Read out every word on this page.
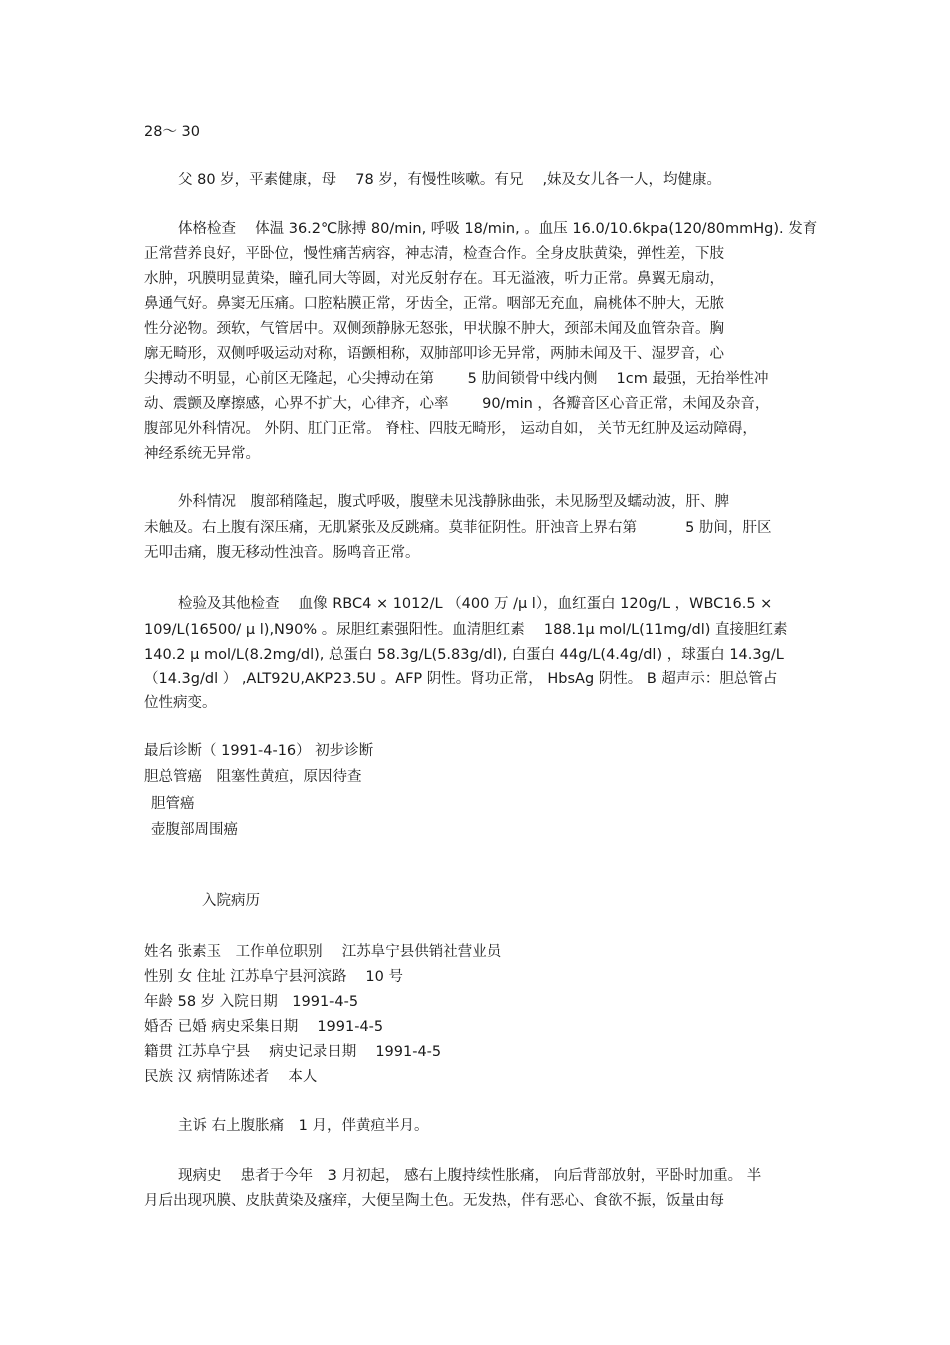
28～ 30
父 80 岁，平素健康，母　 78 岁，有慢性咳嗽。有兄　 ,妹及女儿各一人，均健康。
体格检查　 体温 36.2℃脉搏 80/min, 呼吸 18/min, 。血压 16.0/10.6kpa(120/80mmHg). 发育
正常营养良好，平卧位，慢性痛苦病容，神志清，检查合作。全身皮肤黄染，弹性差，下肢
水肿，巩膜明显黄染，瞳孔同大等圆，对光反射存在。耳无溢液，听力正常。鼻翼无扇动，
鼻通气好。鼻窦无压痛。口腔粘膜正常，牙齿全，正常。咽部无充血，扁桃体不肿大，无脓
性分泌物。颈软，气管居中。双侧颈静脉无怒张，甲状腺不肿大，颈部未闻及血管杂音。胸
廓无畸形，双侧呼吸运动对称，语颤相称，双肺部叩诊无异常，两肺未闻及干、湿罗音，心
尖搏动不明显，心前区无隆起，心尖搏动在第　　 5 肋间锁骨中线内侧　 1cm 最强，无抬举性冲
动、震颤及摩擦感，心界不扩大，心律齐，心率　　 90/min ，各瓣音区心音正常，未闻及杂音，
腹部见外科情况。 外阴、肛门正常。 脊柱、四肢无畸形， 运动自如， 关节无红肿及运动障碍，
神经系统无异常。
外科情况　腹部稍隆起，腹式呼吸，腹壁未见浅静脉曲张，未见肠型及蠕动波，肝、脾
未触及。右上腹有深压痛，无肌紧张及反跳痛。莫菲征阴性。肝浊音上界右第　　　 5 肋间，肝区
无叩击痛，腹无移动性浊音。肠鸣音正常。
检验及其他检查　 血像 RBC4 × 1012/L （400 万 /μ l），血红蛋白 120g/L ，WBC16.5 ×
109/L(16500/ μ l),N90% 。尿胆红素强阳性。血清胆红素　 188.1μ mol/L(11mg/dl) 直接胆红素
140.2 μ mol/L(8.2mg/dl), 总蛋白 58.3g/L(5.83g/dl), 白蛋白 44g/L(4.4g/dl) ，球蛋白 14.3g/L
（14.3g/dl ） ,ALT92U,AKP23.5U 。AFP 阴性。肾功正常， HbsAg 阴性。 B 超声示：胆总管占
位性病变。
最后诊断（ 1991-4-16） 初步诊断
胆总管癌　阻塞性黄疸，原因待查
胆管癌
壶腹部周围癌
入院病历
姓名 张素玉　工作单位职别　 江苏阜宁县供销社营业员
性别 女 住址 江苏阜宁县河滨路　 10 号
年龄 58 岁 入院日期　1991-4-5
婚否 已婚 病史采集日期　 1991-4-5
籍贯 江苏阜宁县　 病史记录日期　 1991-4-5
民族 汉 病情陈述者　 本人
主诉 右上腹胀痛　1 月，伴黄疸半月。
现病史　 患者于今年　3 月初起， 感右上腹持续性胀痛， 向后背部放射，平卧时加重。 半
月后出现巩膜、皮肤黄染及瘙痒，大便呈陶土色。无发热，伴有恶心、食欲不振，饭量由每
